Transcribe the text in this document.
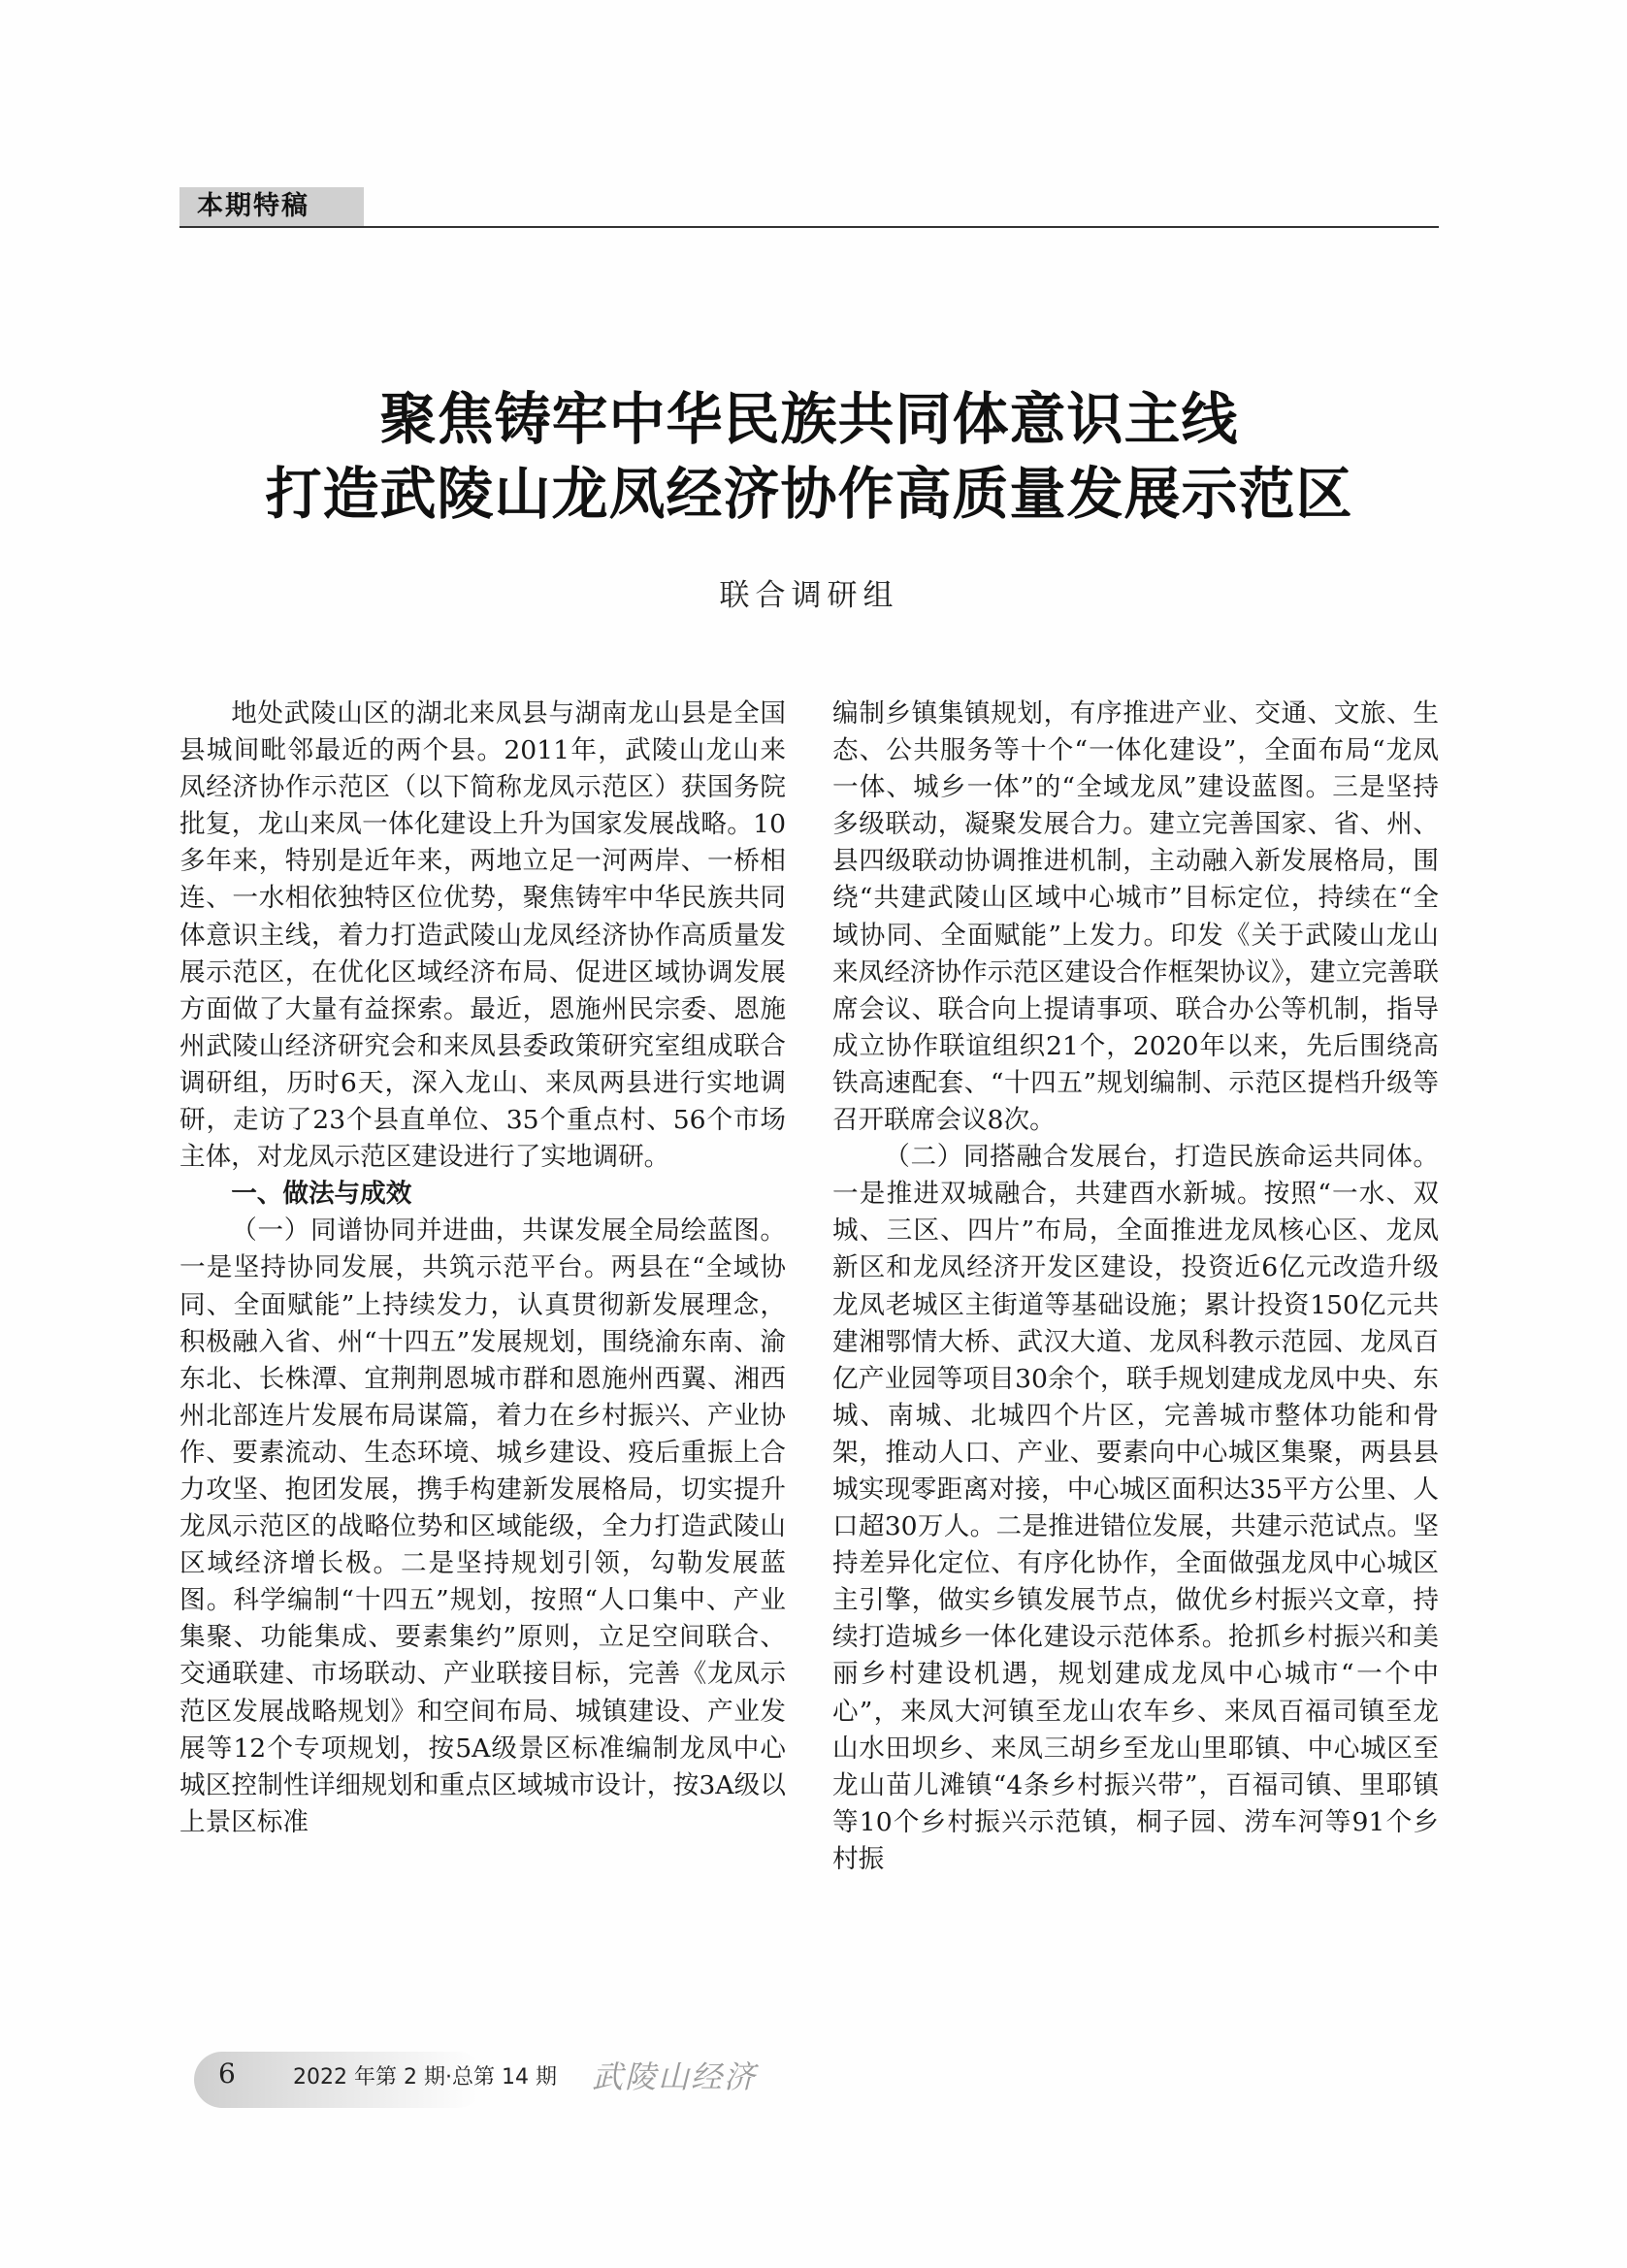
本期特稿
聚焦铸牢中华民族共同体意识主线
打造武陵山龙凤经济协作高质量发展示范区
联合调研组

地处武陵山区的湖北来凤县与湖南龙山县是全国县城间毗邻最近的两个县。2011年，武陵山龙山来凤经济协作示范区（以下简称龙凤示范区）获国务院批复，龙山来凤一体化建设上升为国家发展战略。10多年来，特别是近年来，两地立足一河两岸、一桥相连、一水相依独特区位优势，聚焦铸牢中华民族共同体意识主线，着力打造武陵山龙凤经济协作高质量发展示范区，在优化区域经济布局、促进区域协调发展方面做了大量有益探索。最近，恩施州民宗委、恩施州武陵山经济研究会和来凤县委政策研究室组成联合调研组，历时6天，深入龙山、来凤两县进行实地调研，走访了23个县直单位、35个重点村、56个市场主体，对龙凤示范区建设进行了实地调研。

一、做法与成效

（一）同谱协同并进曲，共谋发展全局绘蓝图。一是坚持协同发展，共筑示范平台。两县在“全域协同、全面赋能”上持续发力，认真贯彻新发展理念，积极融入省、州“十四五”发展规划，围绕渝东南、渝东北、长株潭、宜荆荆恩城市群和恩施州西翼、湘西州北部连片发展布局谋篇，着力在乡村振兴、产业协作、要素流动、生态环境、城乡建设、疫后重振上合力攻坚、抱团发展，携手构建新发展格局，切实提升龙凤示范区的战略位势和区域能级，全力打造武陵山区域经济增长极。二是坚持规划引领，勾勒发展蓝图。科学编制“十四五”规划，按照“人口集中、产业集聚、功能集成、要素集约”原则，立足空间联合、交通联建、市场联动、产业联接目标，完善《龙凤示范区发展战略规划》和空间布局、城镇建设、产业发展等12个专项规划，按5A级景区标准编制龙凤中心城区控制性详细规划和重点区域城市设计，按3A级以上景区标准

编制乡镇集镇规划，有序推进产业、交通、文旅、生态、公共服务等十个“一体化建设”，全面布局“龙凤一体、城乡一体”的“全域龙凤”建设蓝图。三是坚持多级联动，凝聚发展合力。建立完善国家、省、州、县四级联动协调推进机制，主动融入新发展格局，围绕“共建武陵山区域中心城市”目标定位，持续在“全域协同、全面赋能”上发力。印发《关于武陵山龙山来凤经济协作示范区建设合作框架协议》，建立完善联席会议、联合向上提请事项、联合办公等机制，指导成立协作联谊组织21个，2020年以来，先后围绕高铁高速配套、“十四五”规划编制、示范区提档升级等召开联席会议8次。

（二）同搭融合发展台，打造民族命运共同体。一是推进双城融合，共建酉水新城。按照“一水、双城、三区、四片”布局，全面推进龙凤核心区、龙凤新区和龙凤经济开发区建设，投资近6亿元改造升级龙凤老城区主街道等基础设施；累计投资150亿元共建湘鄂情大桥、武汉大道、龙凤科教示范园、龙凤百亿产业园等项目30余个，联手规划建成龙凤中央、东城、南城、北城四个片区，完善城市整体功能和骨架，推动人口、产业、要素向中心城区集聚，两县县城实现零距离对接，中心城区面积达35平方公里、人口超30万人。二是推进错位发展，共建示范试点。坚持差异化定位、有序化协作，全面做强龙凤中心城区主引擎，做实乡镇发展节点，做优乡村振兴文章，持续打造城乡一体化建设示范体系。抢抓乡村振兴和美丽乡村建设机遇，规划建成龙凤中心城市“一个中心”，来凤大河镇至龙山农车乡、来凤百福司镇至龙山水田坝乡、来凤三胡乡至龙山里耶镇、中心城区至龙山苗儿滩镇“4条乡村振兴带”，百福司镇、里耶镇等10个乡村振兴示范镇，桐子园、涝车河等91个乡村振

6	2022 年第 2 期·总第 14 期 武陵山经济
